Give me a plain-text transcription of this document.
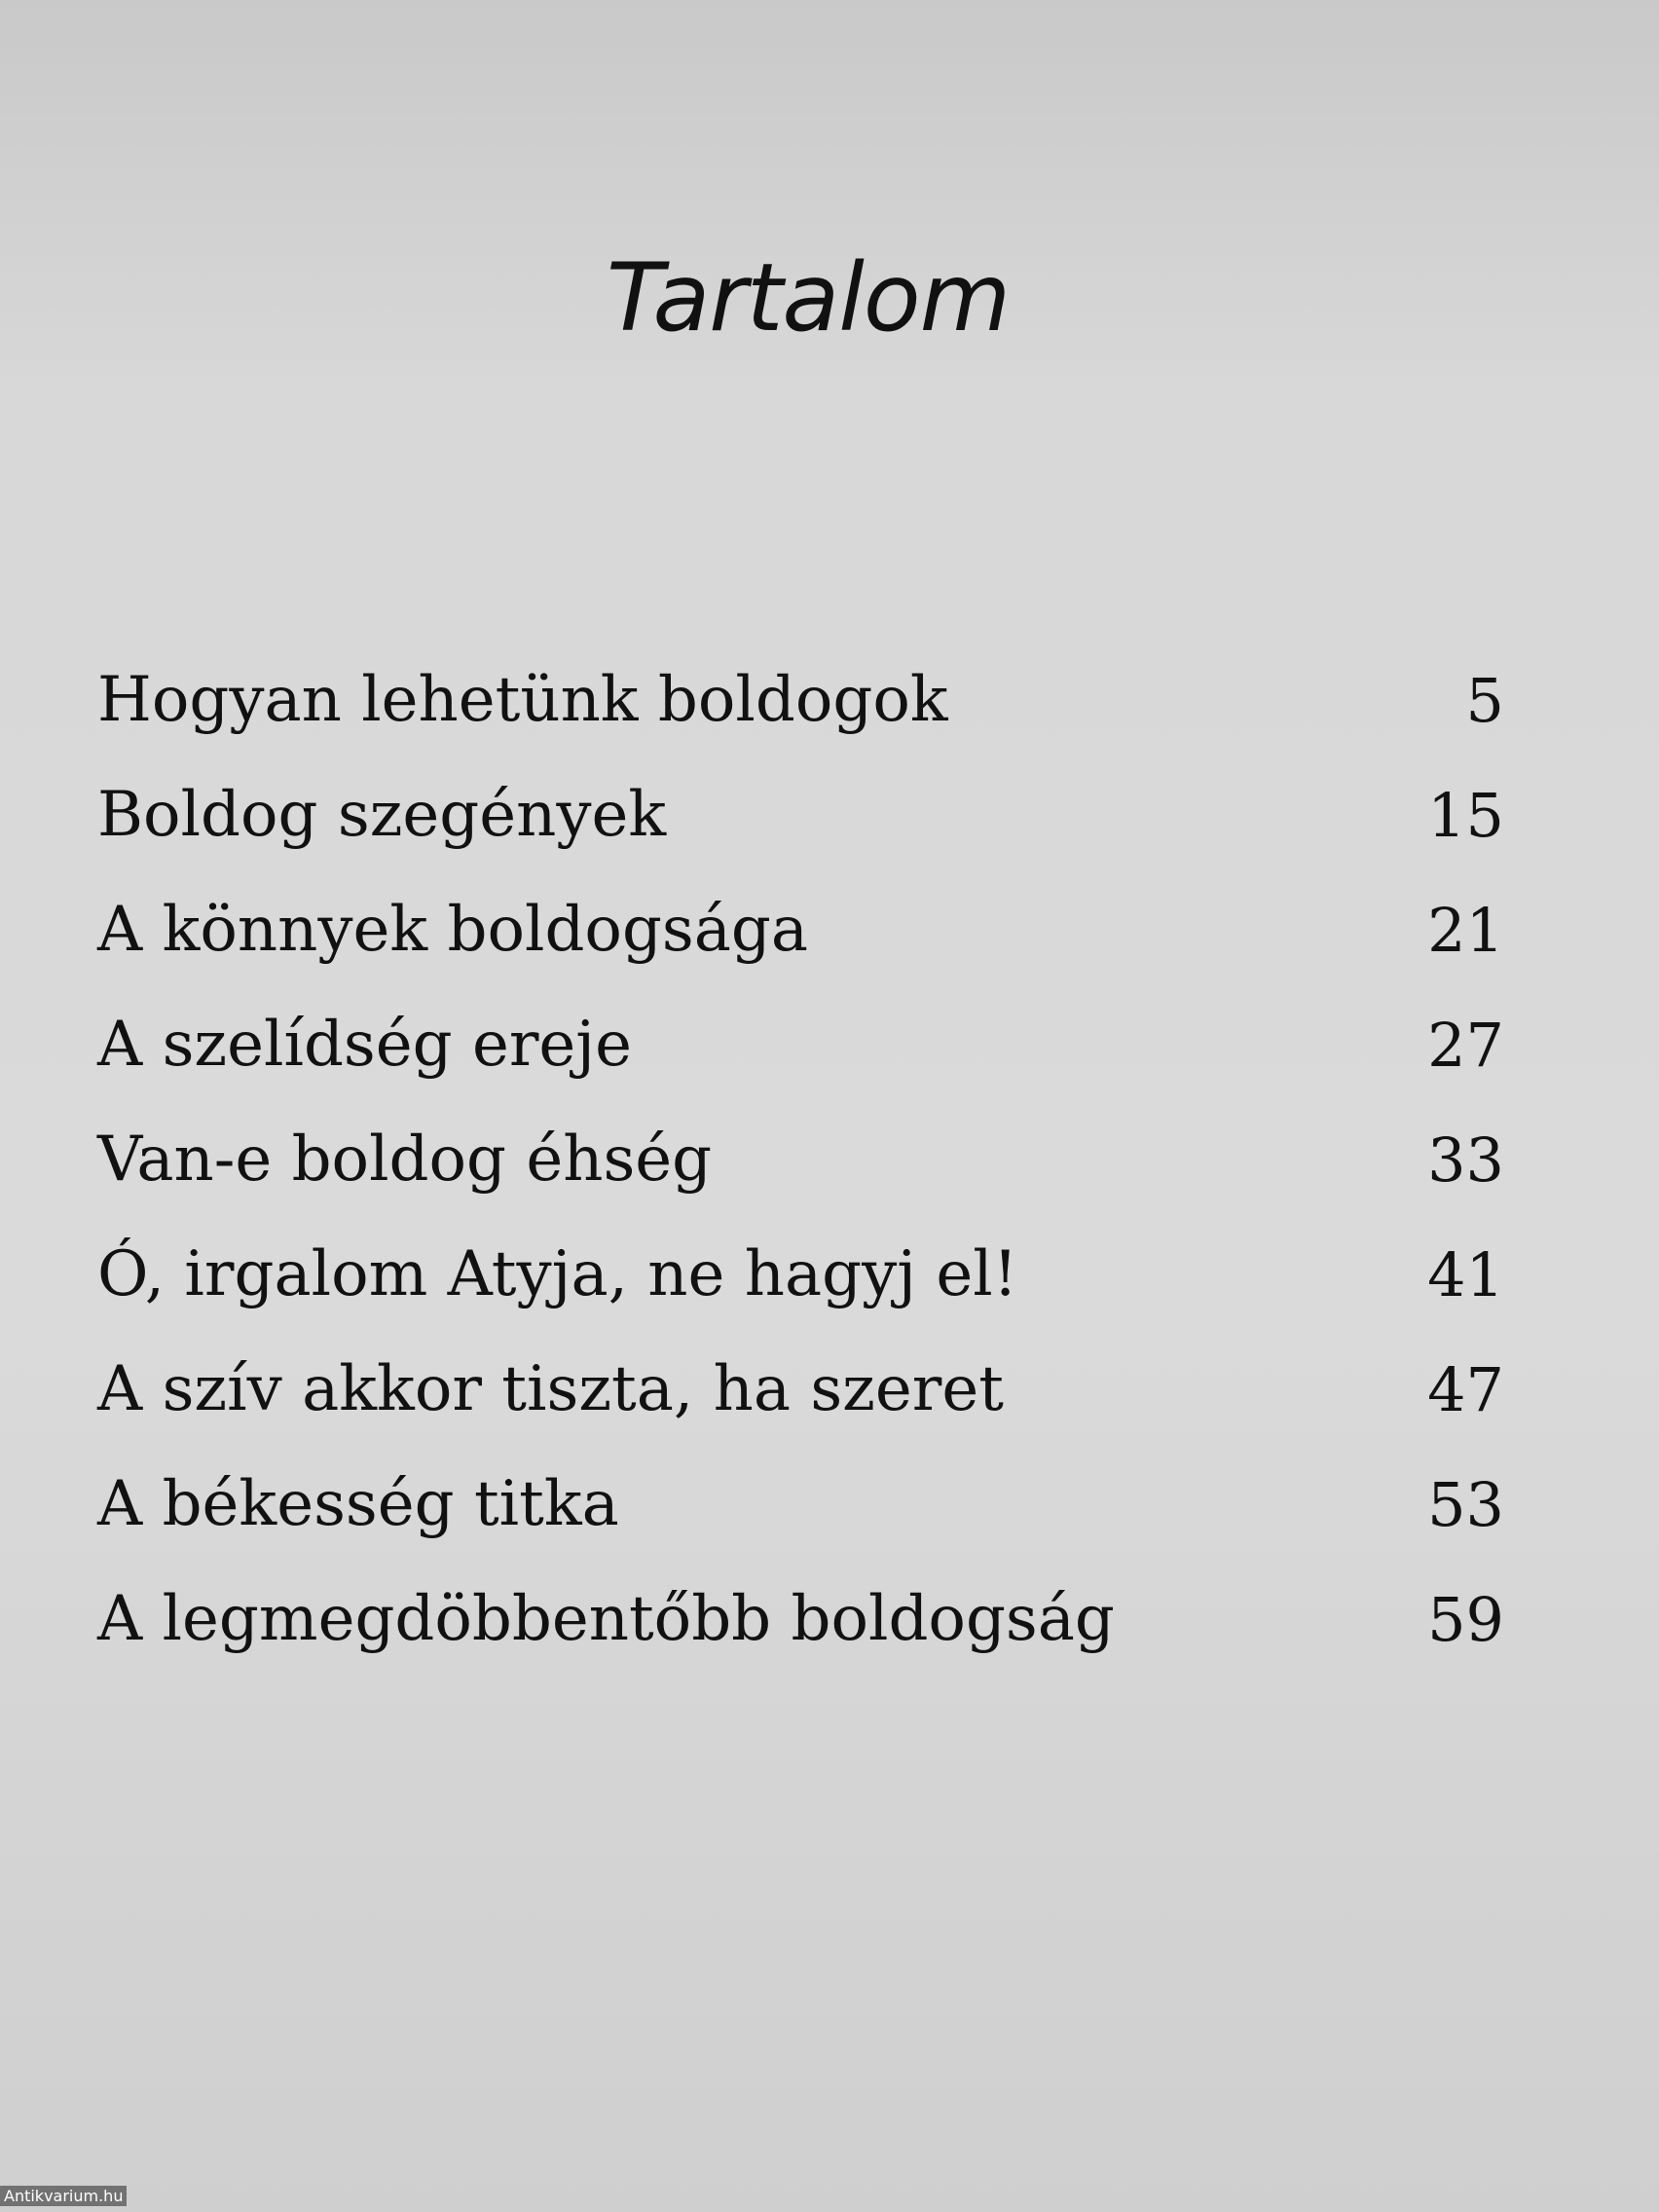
Tartalom
Hogyan lehetünk boldogok	5
Boldog szegények	15
A könnyek boldogsága	21
A szelídség ereje	27
Van-e boldog éhség	33
Ó, irgalom Atyja, ne hagyj el!	41
A szív akkor tiszta, ha szeret	47
A békesség titka	53
A legmegdöbbentőbb boldogság	59
Antikvarium.hu
